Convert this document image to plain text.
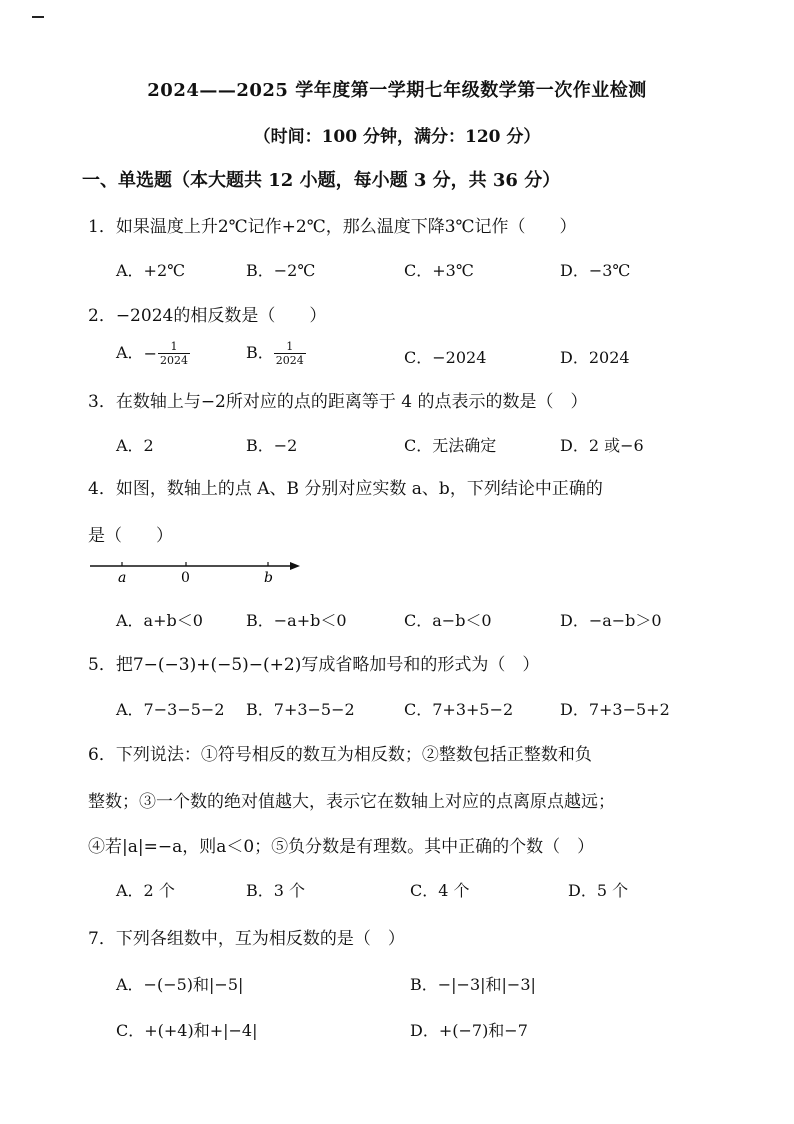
2024——2025 学年度第一学期七年级数学第一次作业检测
（时间：100 分钟，满分：120 分）
一、单选题（本大题共 12 小题，每小题 3 分，共 36 分）
1．如果温度上升2℃记作+2℃，那么温度下降3℃记作（　　）
A．+2℃	B．−2℃	C．+3℃	D．−3℃
2．−2024的相反数是（　　）
A．− $\frac{1}{2024}$	B． $\frac{1}{2024}$	C．−2024	D．2024
3．在数轴上与−2所对应的点的距离等于 4 的点表示的数是（　）
A．2	B．−2	C．无法确定	D．2 或−6
4．如图，数轴上的点 A、B 分别对应实数 a、b，下列结论中正确的
是（　　）
a	0	b
A．a+b＜0	B．−a+b＜0	C．a−b＜0	D．−a−b＞0
5．把7−(−3)+(−5)−(+2)写成省略加号和的形式为（　）
A．7−3−5−2 B．7+3−5−2	C．7+3+5−2	D．7+3−5+2
6．下列说法：①符号相反的数互为相反数；②整数包括正整数和负
整数；③一个数的绝对值越大，表示它在数轴上对应的点离原点越远；
④若|a|=−a，则a＜0；⑤负分数是有理数。其中正确的个数（　）
A．2 个	B．3 个	C．4 个	D．5 个
7．下列各组数中，互为相反数的是（　）
A．−(−5)和|−5|	B．−|−3|和|−3|
C．+(+4)和+|−4|	D．+(−7)和−7
